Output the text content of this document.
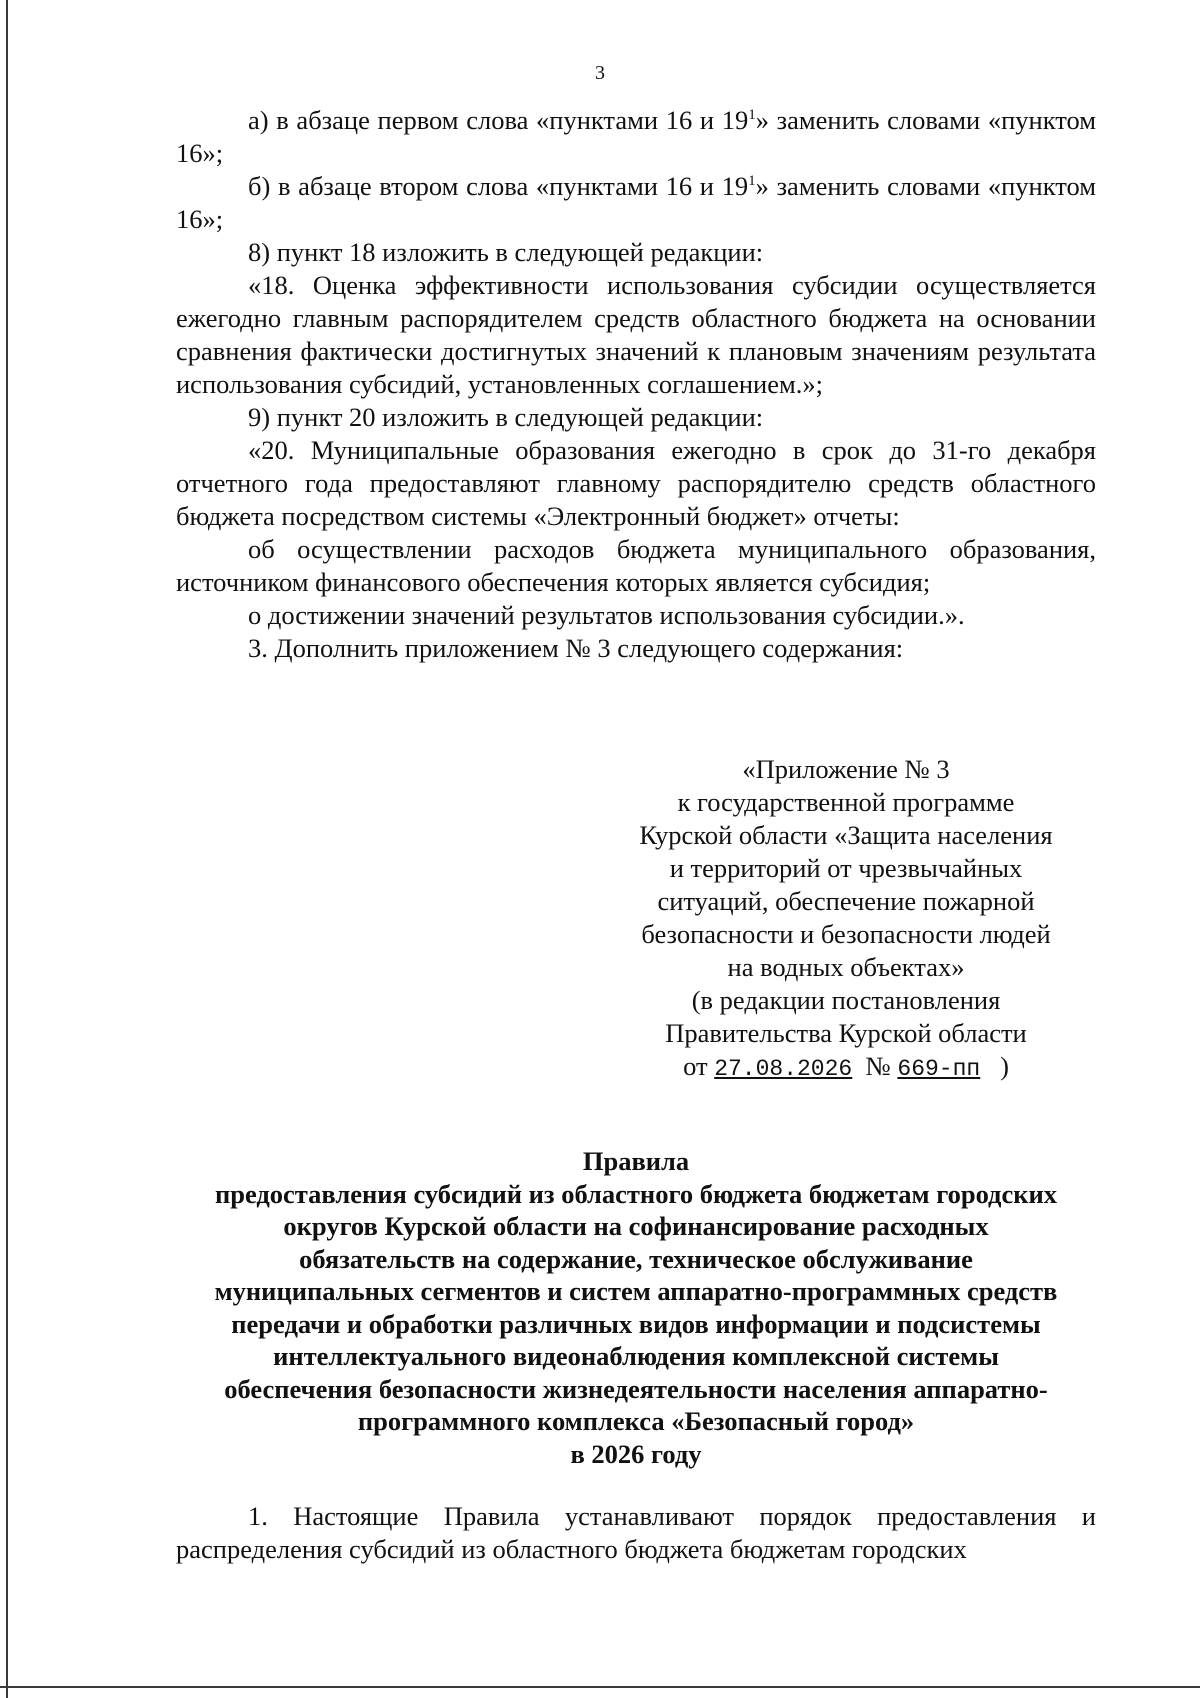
3

а) в абзаце первом слова «пунктами 16 и $19^1$» заменить словами «пунктом 16»;

б) в абзаце втором слова «пунктами 16 и $19^1$» заменить словами «пунктом 16»;

8) пункт 18 изложить в следующей редакции:

«18. Оценка эффективности использования субсидии осуществляется ежегодно главным распорядителем средств областного бюджета на основании сравнения фактически достигнутых значений к плановым значениям результата использования субсидий, установленных соглашением.»;

9) пункт 20 изложить в следующей редакции:

«20. Муниципальные образования ежегодно в срок до 31-го декабря отчетного года предоставляют главному распорядителю средств областного бюджета посредством системы «Электронный бюджет» отчеты:

об осуществлении расходов бюджета муниципального образования, источником финансового обеспечения которых является субсидия;

о достижении значений результатов использования субсидии.».

3. Дополнить приложением № 3 следующего содержания:

«Приложение № 3
к государственной программе
Курской области «Защита населения
и территорий от чрезвычайных
ситуаций, обеспечение пожарной
безопасности и безопасности людей
на водных объектах»
(в редакции постановления
Правительства Курской области
от 27.08.2026 № 669-пп )
Правила
предоставления субсидий из областного бюджета бюджетам городских
округов Курской области на софинансирование расходных
обязательств на содержание, техническое обслуживание
муниципальных сегментов и систем аппаратно-программных средств
передачи и обработки различных видов информации и подсистемы
интеллектуального видеонаблюдения комплексной системы
обеспечения безопасности жизнедеятельности населения аппаратно-
программного комплекса «Безопасный город»
в 2026 году

1. Настоящие Правила устанавливают порядок предоставления и распределения субсидий из областного бюджета бюджетам городских
